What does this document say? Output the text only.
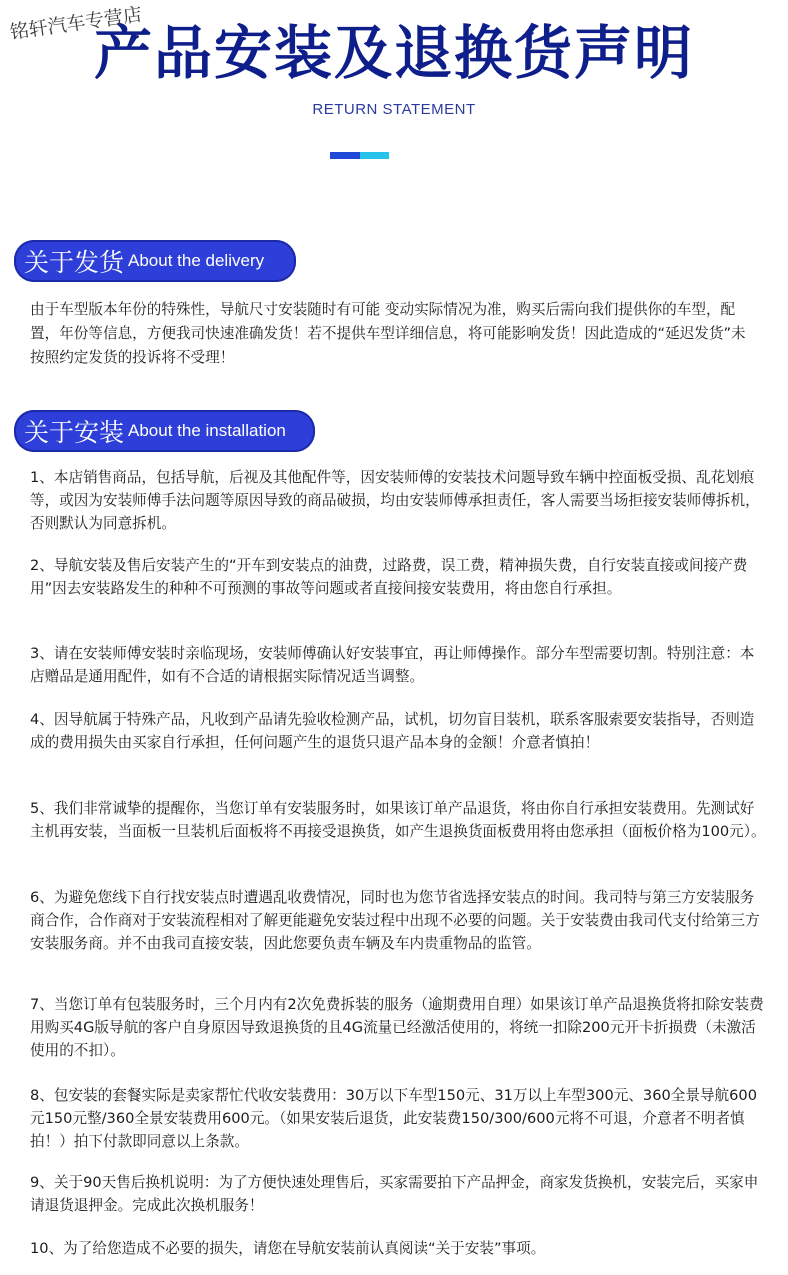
铭轩汽车专营店
产品安装及退换货声明
RETURN STATEMENT
关于发货 About the delivery
由于车型版本年份的特殊性，导航尺寸安装随时有可能 变动实际情况为准，购买后需向我们提供你的车型，配置，年份等信息，方便我司快速准确发货！若不提供车型详细信息，将可能影响发货！因此造成的“延迟发货”未按照约定发货的投诉将不受理！
关于安装 About the installation
1、本店销售商品，包括导航，后视及其他配件等，因安装师傅的安装技术问题导致车辆中控面板受损、乱花划痕等，或因为安装师傅手法问题等原因导致的商品破损，均由安装师傅承担责任，客人需要当场拒接安装师傅拆机，否则默认为同意拆机。
2、导航安装及售后安装产生的“开车到安装点的油费，过路费，误工费，精神损失费，自行安装直接或间接产费用”因去安装路发生的种种不可预测的事故等问题或者直接间接安装费用，将由您自行承担。
3、请在安装师傅安装时亲临现场，安装师傅确认好安装事宜，再让师傅操作。部分车型需要切割。特别注意：本店赠品是通用配件，如有不合适的请根据实际情况适当调整。
4、因导航属于特殊产品，凡收到产品请先验收检测产品，试机，切勿盲目装机，联系客服索要安装指导，否则造成的费用损失由买家自行承担，任何问题产生的退货只退产品本身的金额！介意者慎拍！
5、我们非常诚挚的提醒你，当您订单有安装服务时，如果该订单产品退货，将由你自行承担安装费用。先测试好主机再安装，当面板一旦装机后面板将不再接受退换货，如产生退换货面板费用将由您承担（面板价格为100元）。
6、为避免您线下自行找安装点时遭遇乱收费情况，同时也为您节省选择安装点的时间。我司特与第三方安装服务商合作，合作商对于安装流程相对了解更能避免安装过程中出现不必要的问题。关于安装费由我司代支付给第三方安装服务商。并不由我司直接安装，因此您要负责车辆及车内贵重物品的监管。
7、当您订单有包装服务时，三个月内有2次免费拆装的服务（逾期费用自理）如果该订单产品退换货将扣除安装费用购买4G版导航的客户自身原因导致退换货的且4G流量已经激活使用的，将统一扣除200元开卡折损费（未激活使用的不扣）。
8、包安装的套餐实际是卖家帮忙代收安装费用：30万以下车型150元、31万以上车型300元、360全景导航600元150元整/360全景安装费用600元。（如果安装后退货，此安装费150/300/600元将不可退，介意者不明者慎拍！）拍下付款即同意以上条款。
9、关于90天售后换机说明：为了方便快速处理售后，买家需要拍下产品押金，商家发货换机，安装完后，买家申请退货退押金。完成此次换机服务！
10、为了给您造成不必要的损失，请您在导航安装前认真阅读“关于安装”事项。
